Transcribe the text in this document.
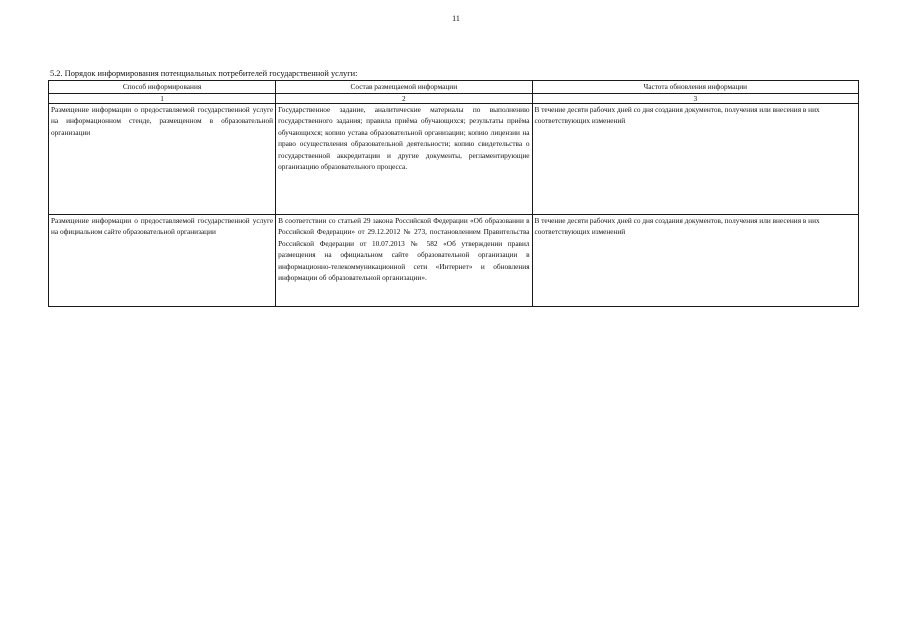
11
5.2. Порядок информирования потенциальных потребителей государственной услуги:
Способ информирования	Состав размещаемой информации	Частота обновления информации
1	2	3
Размещение информации о предоставляемой государственной услуге на информационном стенде, размещенном в образовательной организации	Государственное задание, аналитические материалы по выполнению государственного задания; правила приёма обучающихся; результаты приёма обучающихся; копию устава образовательной организации; копию лицензии на право осуществления образовательной деятельности; копию свидетельства о государственной аккредитации и другие документы, регламентирующие организацию образовательного процесса.	В течение десяти рабочих дней со дня создания документов, получения или внесения в них соответствующих изменений
Размещение информации о предоставляемой государственной услуге на официальном сайте образовательной организации	В соответствии со статьей 29 закона Российской Федерации «Об образовании в Российской Федерации» от 29.12.2012 № 273, постановлением Правительства Российской Федерации от 10.07.2013 № 582 «Об утверждении правил размещения на официальном сайте образовательной организации в информационно-телекоммуникационной сети «Интернет» и обновления информации об образовательной организации».	В течение десяти рабочих дней со дня создания документов, получения или внесения в них соответствующих изменений
